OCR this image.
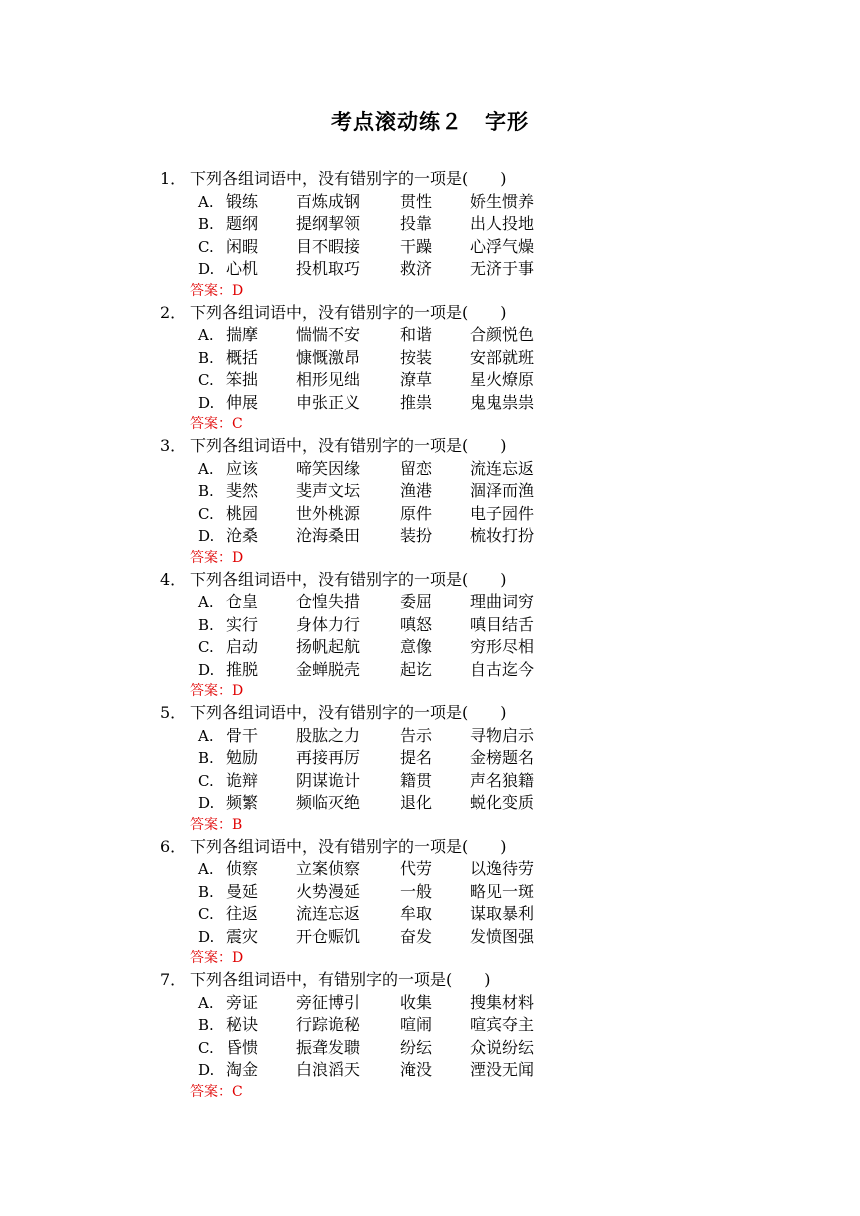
考点滚动练２　字形
1． 下列各组词语中，没有错别字的一项是(　　)
A. 锻练 百炼成钢 贯性 娇生惯养
B. 题纲 提纲挈领 投靠 出人投地
C. 闲暇 目不暇接 干躁 心浮气燥
D. 心机 投机取巧 救济 无济于事
答案：D
2． 下列各组词语中，没有错别字的一项是(　　)
A. 揣摩 惴惴不安 和谐 合颜悦色
B. 概括 慷慨激昂 按装 安部就班
C. 笨拙 相形见绌 潦草 星火燎原
D. 伸展 申张正义 推祟 鬼鬼祟祟
答案：C
3． 下列各组词语中，没有错别字的一项是(　　)
A. 应该 啼笑因缘 留恋 流连忘返
B. 斐然 斐声文坛 渔港 涸泽而渔
C. 桃园 世外桃源 原件 电子园件
D. 沧桑 沧海桑田 装扮 梳妆打扮
答案：D
4． 下列各组词语中，没有错别字的一项是(　　)
A. 仓皇 仓惶失措 委屈 理曲词穷
B. 实行 身体力行 嗔怒 嗔目结舌
C. 启动 扬帆起航 意像 穷形尽相
D. 推脱 金蝉脱壳 起讫 自古迄今
答案：D
5． 下列各组词语中，没有错别字的一项是(　　)
A. 骨干 股肱之力 告示 寻物启示
B. 勉励 再接再厉 提名 金榜题名
C. 诡辩 阴谋诡计 籍贯 声名狼籍
D. 频繁 频临灭绝 退化 蜕化变质
答案：B
6． 下列各组词语中，没有错别字的一项是(　　)
A. 侦察 立案侦察 代劳 以逸待劳
B. 曼延 火势漫延 一般 略见一斑
C. 往返 流连忘返 牟取 谋取暴利
D. 震灾 开仓赈饥 奋发 发愤图强
答案：D
7． 下列各组词语中，有错别字的一项是(　　)
A. 旁证 旁征博引 收集 搜集材料
B. 秘诀 行踪诡秘 喧闹 喧宾夺主
C. 昏愦 振聋发聩 纷纭 众说纷纭
D. 淘金 白浪滔天 淹没 湮没无闻
答案：C
